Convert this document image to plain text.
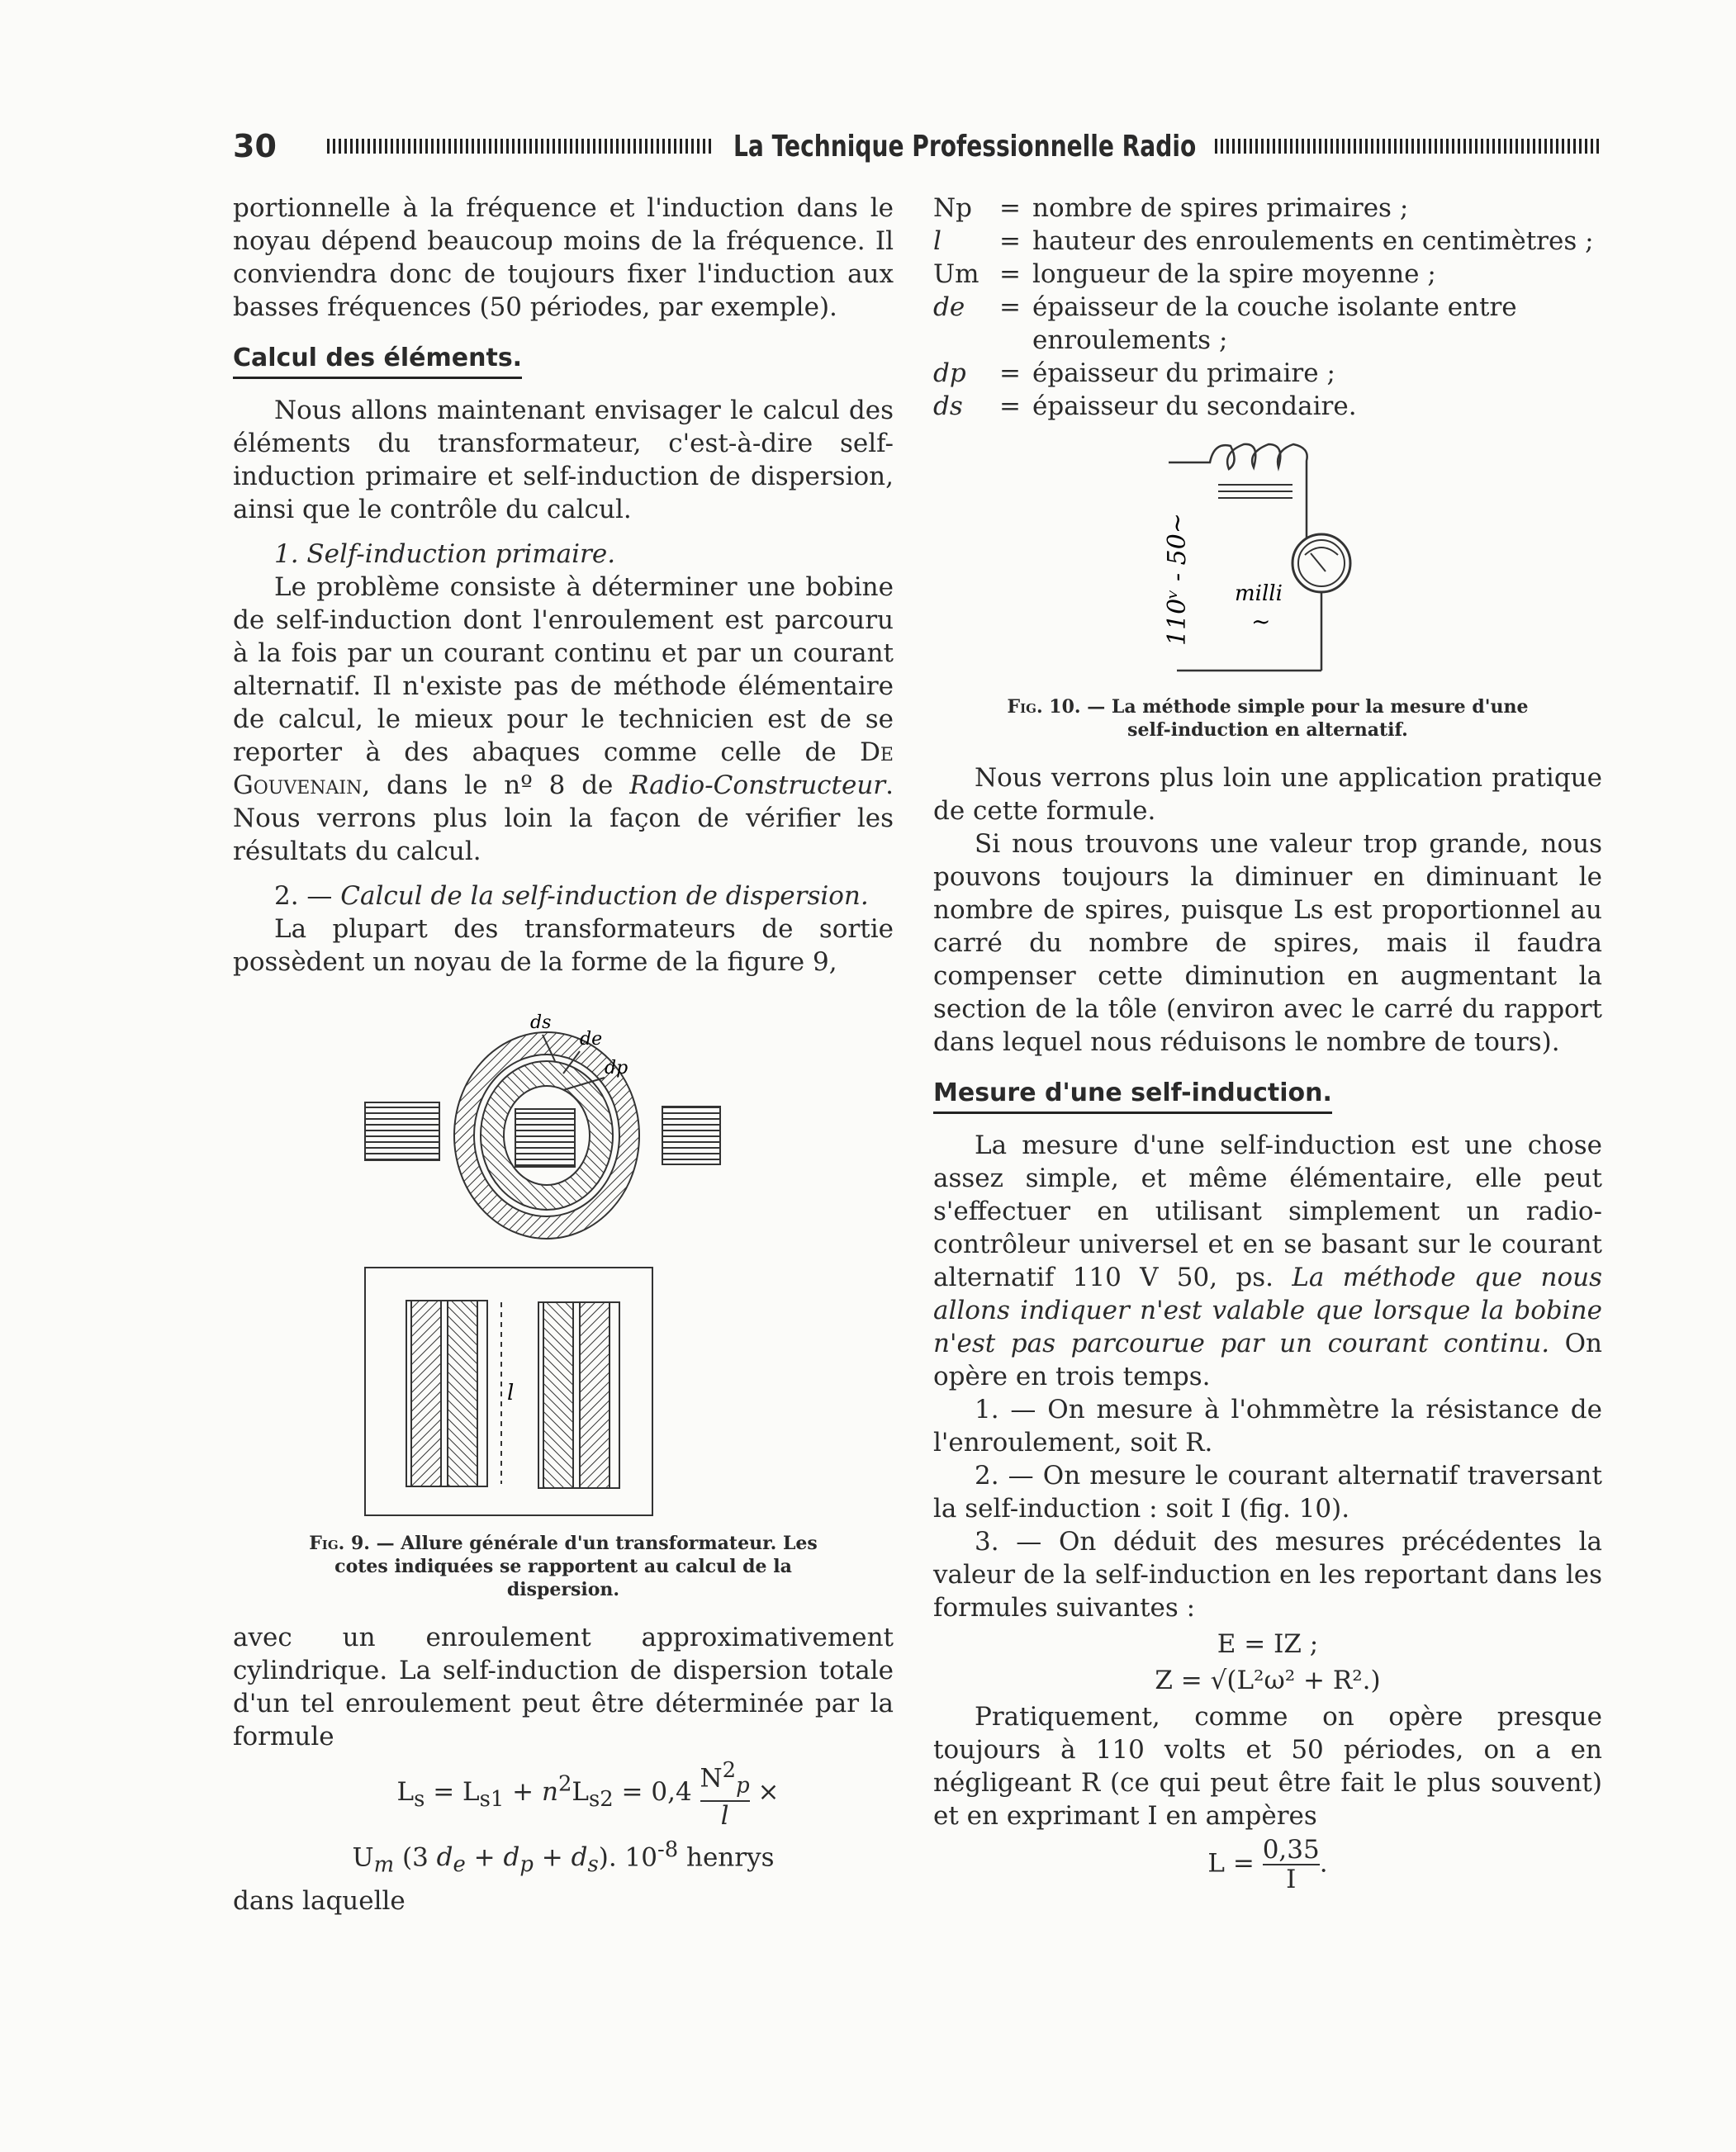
30	La Technique Professionnelle Radio

portionnelle à la fréquence et l'induction dans le noyau dépend beaucoup moins de la fréquence. Il conviendra donc de toujours fixer l'induction aux basses fréquences (50 périodes, par exemple).

Calcul des éléments.

Nous allons maintenant envisager le calcul des éléments du transformateur, c'est-à-dire self-induction primaire et self-induction de dispersion, ainsi que le contrôle du calcul.

1. Self-induction primaire.

Le problème consiste à déterminer une bobine de self-induction dont l'enroulement est parcouru à la fois par un courant continu et par un courant alternatif. Il n'existe pas de méthode élémentaire de calcul, le mieux pour le technicien est de se reporter à des abaques comme celle de De Gouvenain, dans le nº 8 de Radio-Constructeur. Nous verrons plus loin la façon de vérifier les résultats du calcul.

2. — Calcul de la self-induction de dispersion.

La plupart des transformateurs de sortie possèdent un noyau de la forme de la figure 9,

ds
de
dp
l

Fig. 9. — Allure générale d'un transformateur. Les cotes indiquées se rapportent au calcul de la dispersion.

avec un enroulement approximativement cylindrique. La self-induction de dispersion totale d'un tel enroulement peut être déterminée par la formule

$L_s = L_{s1} + n^2L_{s2} = 0,4 \frac{N^2_p}{l}$ ×

$U_m$ (3 $d_e + d_p + d_s$). $10^{-8}$ henrys

dans laquelle

Np	= nombre de spires primaires ;
l	= hauteur des enroulements en centimètres ;
Um = longueur de la spire moyenne ;
de	= épaisseur de la couche isolante entre enroulements ;
dp	= épaisseur du primaire ;
ds	= épaisseur du secondaire.
110ᵛ - 50~ milli
~

Fig. 10. — La méthode simple pour la mesure d'une self-induction en alternatif.

Nous verrons plus loin une application pratique de cette formule.

Si nous trouvons une valeur trop grande, nous pouvons toujours la diminuer en diminuant le nombre de spires, puisque Ls est proportionnel au carré du nombre de spires, mais il faudra compenser cette diminution en augmentant la section de la tôle (environ avec le carré du rapport dans lequel nous réduisons le nombre de tours).

Mesure d'une self-induction.

La mesure d'une self-induction est une chose assez simple, et même élémentaire, elle peut s'effectuer en utilisant simplement un radio-contrôleur universel et en se basant sur le courant alternatif 110 V 50, ps. La méthode que nous allons indiquer n'est valable que lorsque la bobine n'est pas parcourue par un courant continu. On opère en trois temps.

1. — On mesure à l'ohmmètre la résistance de l'enroulement, soit R.

2. — On mesure le courant alternatif traversant la self-induction : soit I (fig. 10).

3. — On déduit des mesures précédentes la valeur de la self-induction en les reportant dans les formules suivantes :

E = IZ ;

Z = √(L²ω² + R².)

Pratiquement, comme on opère presque toujours à 110 volts et 50 périodes, on a en négligeant R (ce qui peut être fait le plus souvent) et en exprimant I en ampères

$L = \frac{0,35}{I}$ .
